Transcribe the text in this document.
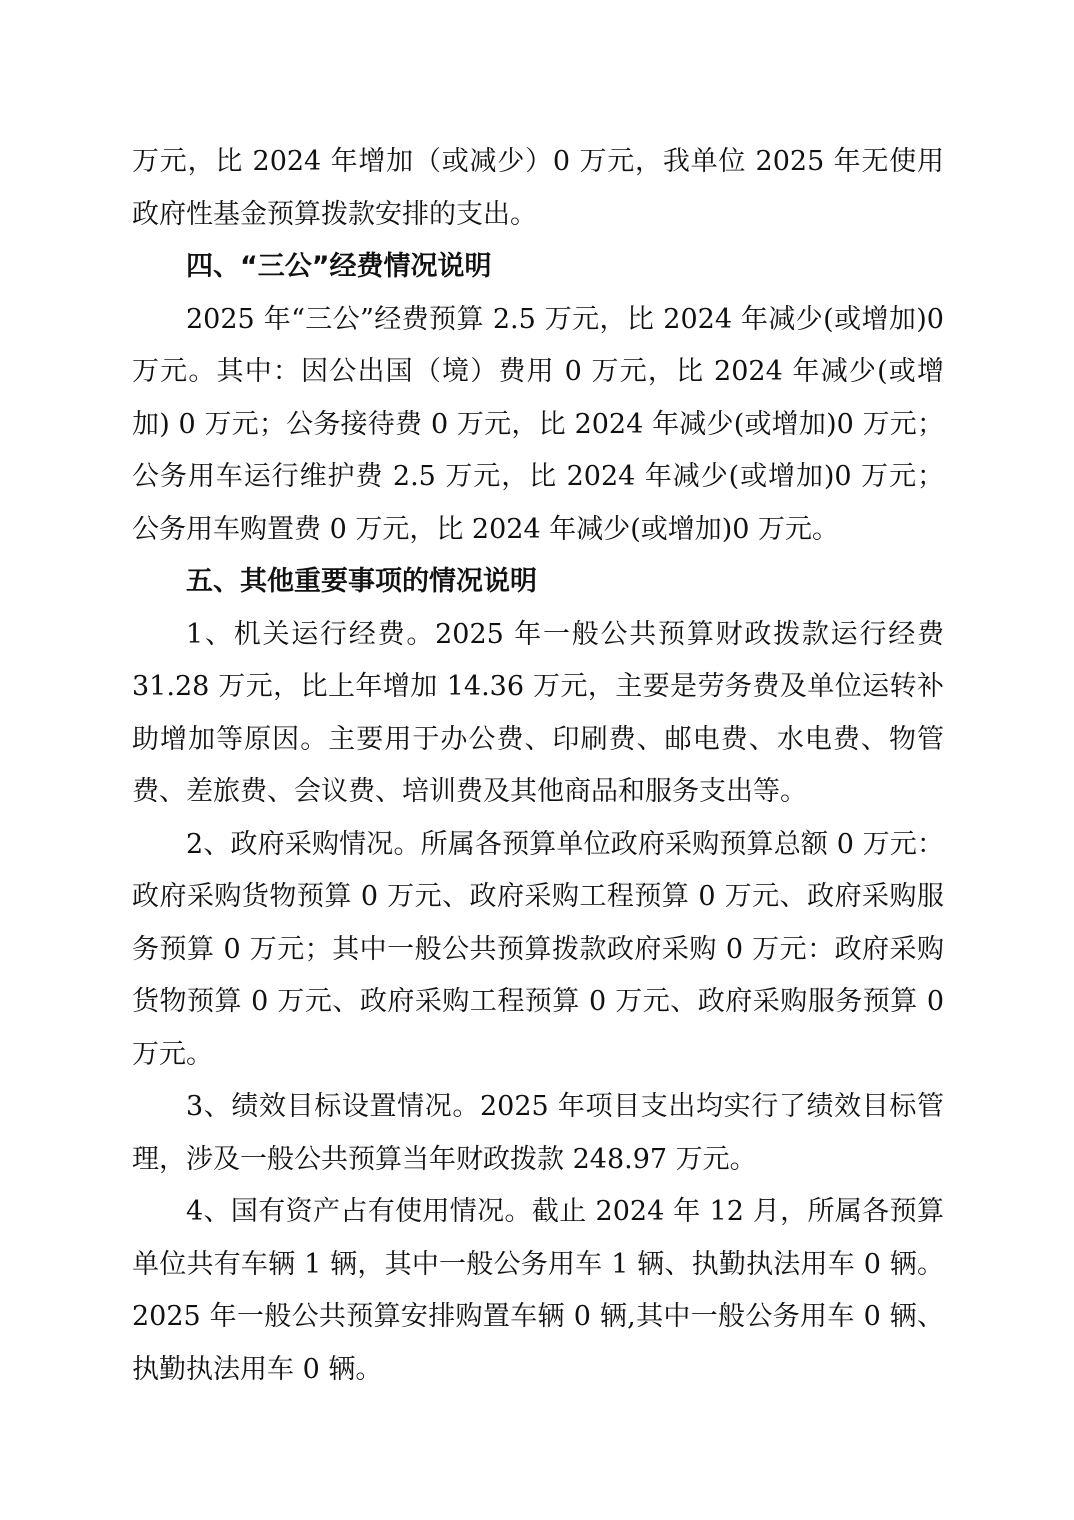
万元，比 2024 年增加（或减少）0 万元，我单位 2025 年无使用政府性基金预算拨款安排的支出。

四、“三公”经费情况说明

2025 年“三公”经费预算 2.5 万元，比 2024 年减少(或增加)0 万元。其中：因公出国（境）费用 0 万元，比 2024 年减少(或增加) 0 万元；公务接待费 0 万元，比 2024 年减少(或增加)0 万元；公务用车运行维护费 2.5 万元，比 2024 年减少(或增加)0 万元；公务用车购置费 0 万元，比 2024 年减少(或增加)0 万元。

五、其他重要事项的情况说明

1、机关运行经费。2025 年一般公共预算财政拨款运行经费 31.28 万元，比上年增加 14.36 万元，主要是劳务费及单位运转补助增加等原因。主要用于办公费、印刷费、邮电费、水电费、物管费、差旅费、会议费、培训费及其他商品和服务支出等。

2、政府采购情况。所属各预算单位政府采购预算总额 0 万元：政府采购货物预算 0 万元、政府采购工程预算 0 万元、政府采购服务预算 0 万元；其中一般公共预算拨款政府采购 0 万元：政府采购货物预算 0 万元、政府采购工程预算 0 万元、政府采购服务预算 0 万元。

3、绩效目标设置情况。2025 年项目支出均实行了绩效目标管理，涉及一般公共预算当年财政拨款 248.97 万元。

4、国有资产占有使用情况。截止 2024 年 12 月，所属各预算单位共有车辆 1 辆，其中一般公务用车 1 辆、执勤执法用车 0 辆。2025 年一般公共预算安排购置车辆 0 辆,其中一般公务用车 0 辆、执勤执法用车 0 辆。
